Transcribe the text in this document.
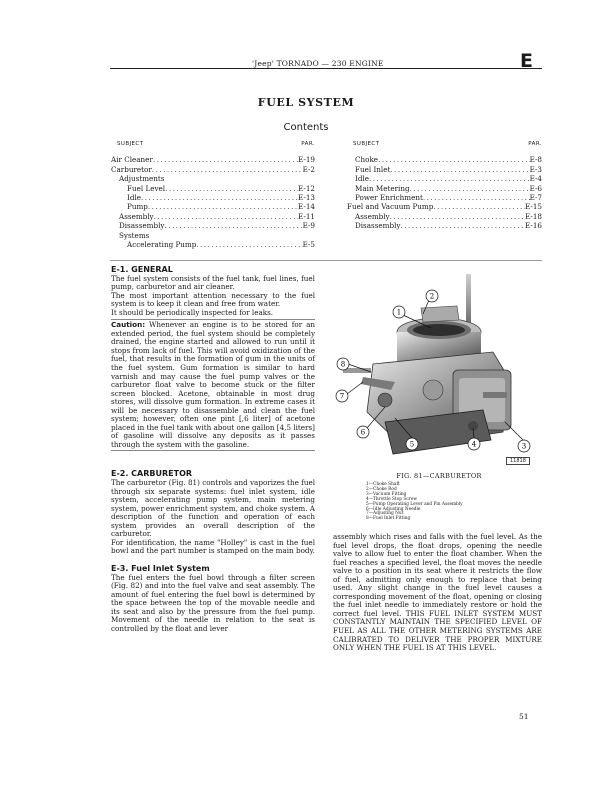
'Jeep' TORNADO — 230 ENGINE	E
FUEL SYSTEM
Contents
SUBJECT	PAR.
Air Cleaner . . .	E-19
Carburetor . . .	E-2
Adjustments
Fuel Level . . .	E-12
Idle . . .	E-13
Pump . . .	E-14
Assembly . . .	E-11
Disassembly . . .	E-9
Systems
Accelerating Pump . . .	E-5
SUBJECT	PAR.
Choke . . .	E-8
Fuel Inlet . . .	E-3
Idle . . .	E-4
Main Metering . . .	E-6
Power Enrichment . . .	E-7
Fuel and Vacuum Pump . . .	E-15
Assembly . . .	E-18
Disassembly . . .	E-16

E-1. GENERAL

The fuel system consists of the fuel tank, fuel lines, fuel pump, carburetor and air cleaner.

The most important attention necessary to the fuel system is to keep it clean and free from water.

It should be periodically inspected for leaks.

Caution: Whenever an engine is to be stored for an extended period, the fuel system should be completely drained, the engine started and allowed to run until it stops from lack of fuel. This will avoid oxidization of the fuel, that results in the formation of gum in the units of the fuel system. Gum formation is similar to hard varnish and may cause the fuel pump valves or the carburetor float valve to become stuck or the filter screen blocked. Acetone, obtainable in most drug stores, will dissolve gum formation. In extreme cases it will be necessary to disassemble and clean the fuel system; however, often one pint [,6 liter] of acetone placed in the fuel tank with about one gallon [4,5 liters] of gasoline will dissolve any deposits as it passes through the system with the gasoline.

E-2. CARBURETOR

The carburetor (Fig. 81) controls and vaporizes the fuel through six separate systems: fuel inlet system, idle system, accelerating pump system, main metering system, power enrichment system, and choke system. A description of the function and operation of each system provides an overall description of the carburetor.

For identification, the name "Holley" is cast in the fuel bowl and the part number is stamped on the main body.

E-3. Fuel Inlet System

The fuel enters the fuel bowl through a filter screen (Fig. 82) and into the fuel valve and seat assembly. The amount of fuel entering the fuel bowl is determined by the space between the top of the movable needle and its seat and also by the pressure from the fuel pump. Movement of the needle in relation to the seat is controlled by the float and lever

1
2
3
4
5
6
7
8
11818
FIG. 81—CARBURETOR
1—Choke Shaft
2—Choke Rod
3—Vacuum Fitting
4—Throttle Stop Screw
5—Pump Operating Lever and Pin Assembly
6—Idle Adjusting Needle
7—Adjusting Nut
8—Fuel Inlet Fitting

assembly which rises and falls with the fuel level. As the fuel level drops, the float drops, opening the needle valve to allow fuel to enter the float chamber. When the fuel reaches a specified level, the float moves the needle valve to a position in its seat where it restricts the flow of fuel, admitting only enough to replace that being used. Any slight change in the fuel level causes a corresponding movement of the float, opening or closing the fuel inlet needle to immediately restore or hold the correct fuel level. THIS FUEL INLET SYSTEM MUST CONSTANTLY MAINTAIN THE SPECIFIED LEVEL OF FUEL AS ALL THE OTHER METERING SYSTEMS ARE CALIBRATED TO DELIVER THE PROPER MIXTURE ONLY WHEN THE FUEL IS AT THIS LEVEL.

51
